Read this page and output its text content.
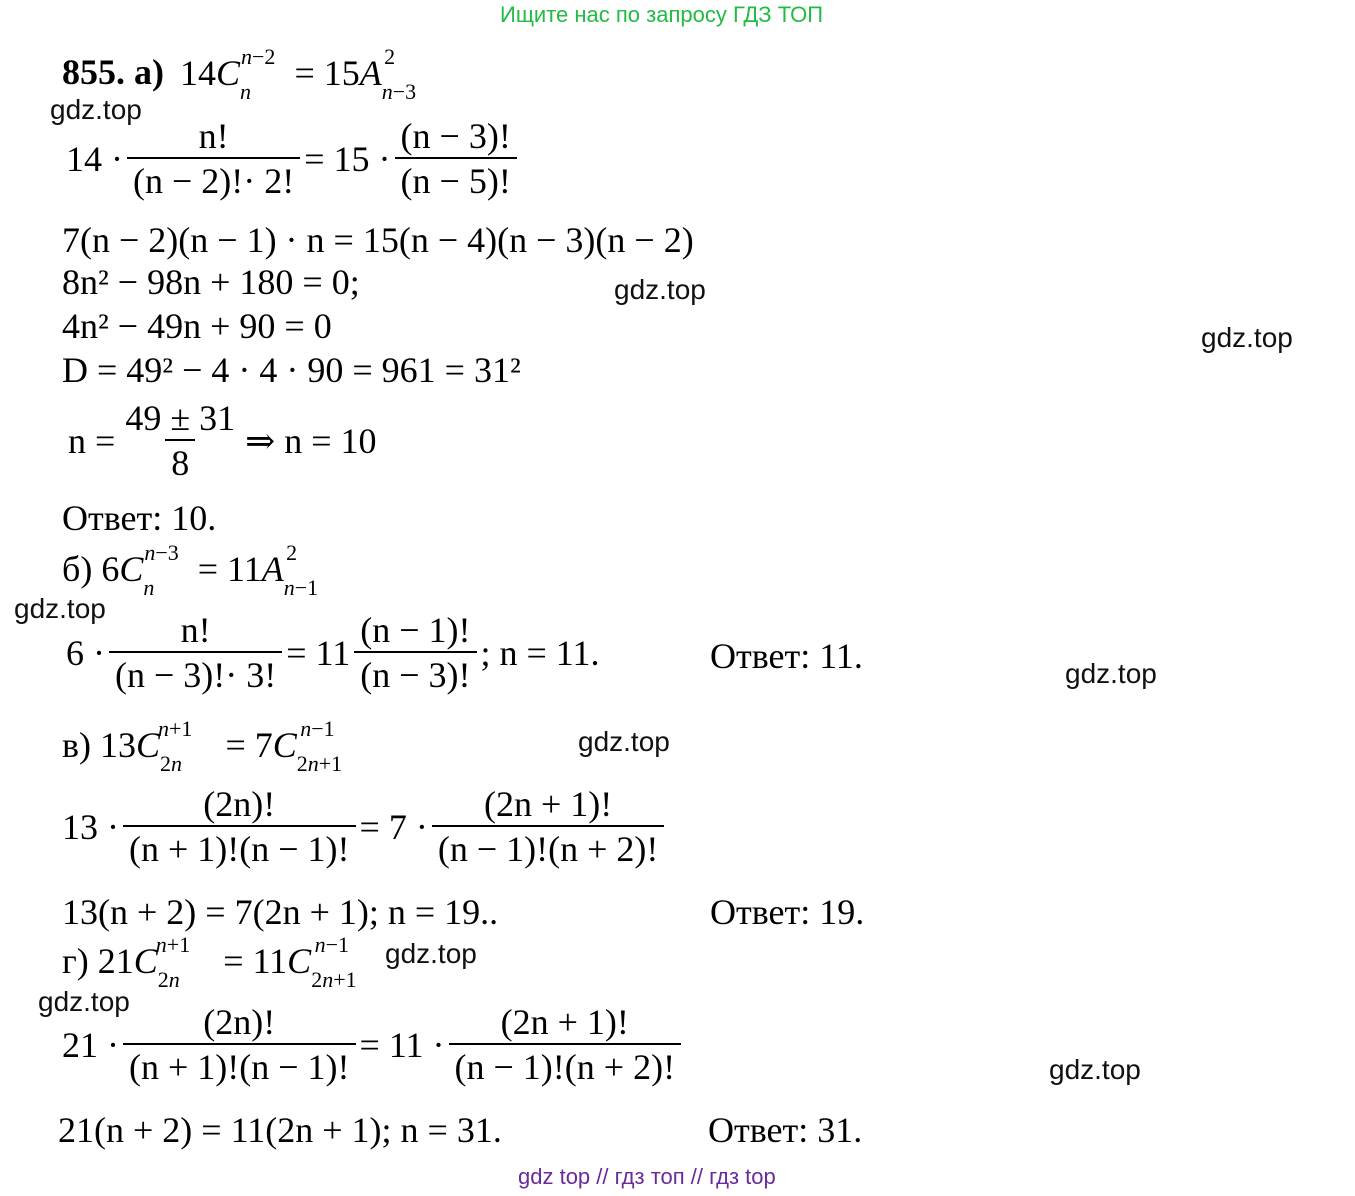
Ищите нас по запросу ГДЗ ТОП
gdz.top
gdz.top
gdz.top
gdz.top
gdz.top
gdz.top
gdz.top
gdz.top
gdz.top
855. а) $14C_n^{n-2} = 15A_{n-3}^2$
$14 \cdot \frac{n!}{(n - 2)!\cdot 2!} = 15 \cdot \frac{(n - 3)!}{(n - 5)!}$
7(n − 2)(n − 1) · n = 15(n − 4)(n − 3)(n − 2)
8n² − 98n + 180 = 0;
4n² − 49n + 90 = 0
D = 49² − 4 · 4 · 90 = 961 = 31²
$n = \frac{49 \pm 31}{8}$ ⇒ n = 10
Ответ: 10.
б) $6C_n^{n-3} = 11A_{n-1}^2$
$6 \cdot \frac{n!}{(n - 3)!\cdot 3!} = 11 \frac{(n - 1)!}{(n - 3)!}$ ; n = 11.	Ответ: 11.
в) $13C_{2n}^{n+1} = 7C_{2n+1}^{n-1}$
$13 \cdot \frac{(2n)!}{(n + 1)!(n - 1)!} = 7 \cdot \frac{(2n + 1)!}{(n - 1)!(n + 2)!}$
13(n + 2) = 7(2n + 1); n = 19..	Ответ: 19.
г) $21C_{2n}^{n+1} = 11C_{2n+1}^{n-1}$
$21 \cdot \frac{(2n)!}{(n + 1)!(n - 1)!} = 11 \cdot \frac{(2n + 1)!}{(n - 1)!(n + 2)!}$
21(n + 2) = 11(2n + 1); n = 31.	Ответ: 31.
gdz top // гдз топ // гдз top
